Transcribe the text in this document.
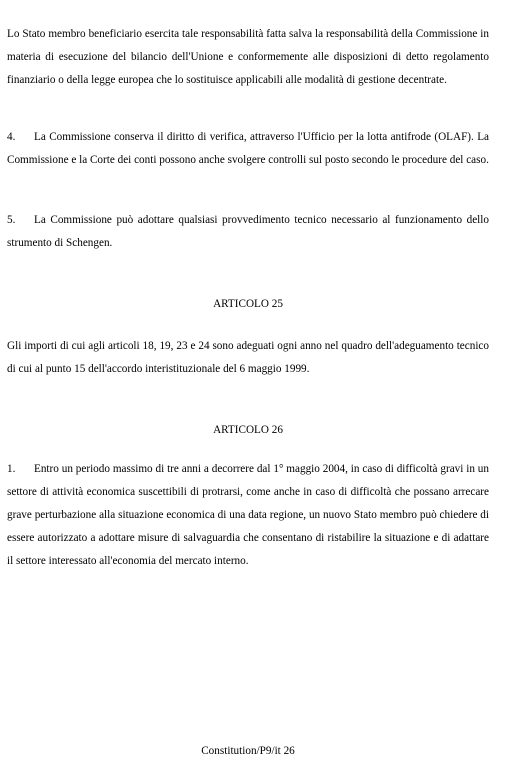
Lo Stato membro beneficiario esercita tale responsabilità fatta salva la responsabilità della Commissione in materia di esecuzione del bilancio dell'Unione e conformemente alle disposizioni di detto regolamento finanziario o della legge europea che lo sostituisce applicabili alle modalità di gestione decentrate.

4. La Commissione conserva il diritto di verifica, attraverso l'Ufficio per la lotta antifrode (OLAF). La Commissione e la Corte dei conti possono anche svolgere controlli sul posto secondo le procedure del caso.

5. La Commissione può adottare qualsiasi provvedimento tecnico necessario al funzionamento dello strumento di Schengen.

ARTICOLO 25

Gli importi di cui agli articoli 18, 19, 23 e 24 sono adeguati ogni anno nel quadro dell'adeguamento tecnico di cui al punto 15 dell'accordo interistituzionale del 6 maggio 1999.

ARTICOLO 26

1. Entro un periodo massimo di tre anni a decorrere dal 1° maggio 2004, in caso di difficoltà gravi in un settore di attività economica suscettibili di protrarsi, come anche in caso di difficoltà che possano arrecare grave perturbazione alla situazione economica di una data regione, un nuovo Stato membro può chiedere di essere autorizzato a adottare misure di salvaguardia che consentano di ristabilire la situazione e di adattare il settore interessato all'economia del mercato interno.

Constitution/P9/it 26
